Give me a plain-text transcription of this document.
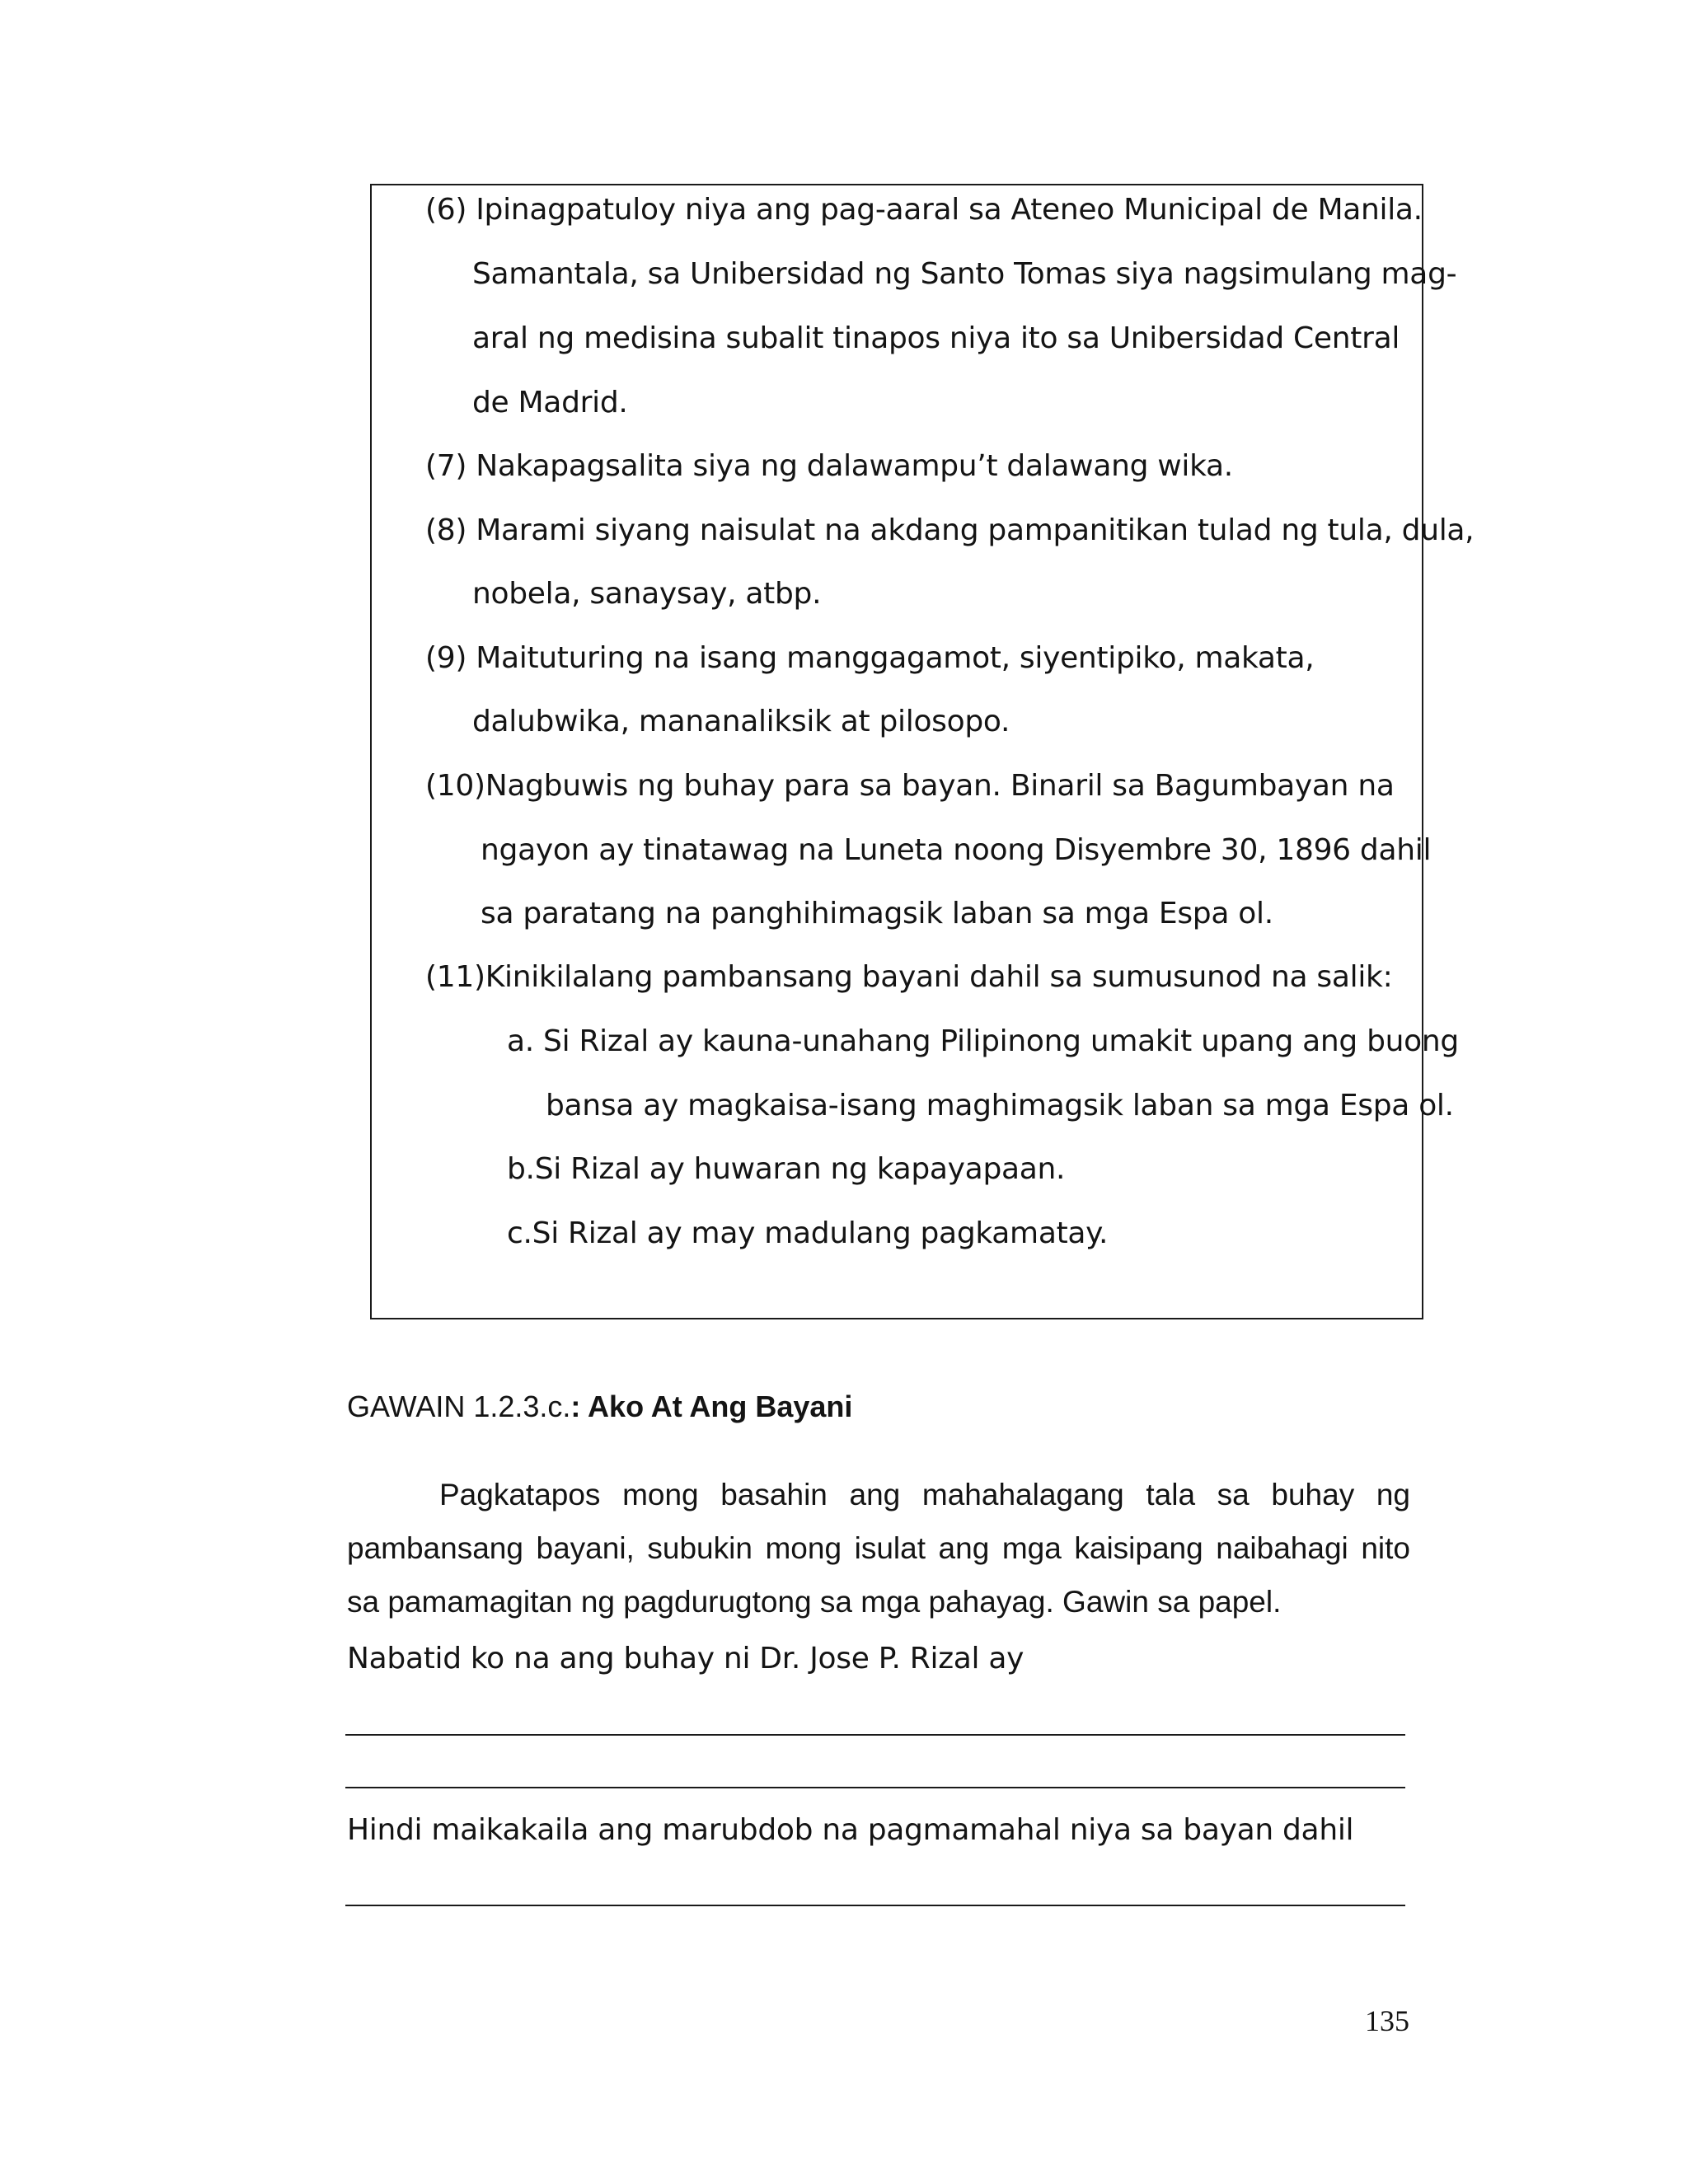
(6) Ipinagpatuloy niya ang pag-aaral sa Ateneo Municipal de Manila.
Samantala, sa Unibersidad ng Santo Tomas siya nagsimulang mag-
aral ng medisina subalit tinapos niya ito sa Unibersidad Central
de Madrid.
(7) Nakapagsalita siya ng dalawampu’t dalawang wika.
(8) Marami siyang naisulat na akdang pampanitikan tulad ng tula, dula,
nobela, sanaysay, atbp.
(9) Maituturing na isang manggagamot, siyentipiko, makata,
dalubwika, mananaliksik at pilosopo.
(10)Nagbuwis ng buhay para sa bayan. Binaril sa Bagumbayan na
ngayon ay tinatawag na Luneta noong Disyembre 30, 1896 dahil
sa paratang na panghihimagsik laban sa mga Espa ol.
(11)Kinikilalang pambansang bayani dahil sa sumusunod na salik:
a. Si Rizal ay kauna-unahang Pilipinong umakit upang ang buong
bansa ay magkaisa-isang maghimagsik laban sa mga Espa ol.
b.Si Rizal ay huwaran ng kapayapaan.
c.Si Rizal ay may madulang pagkamatay.
GAWAIN 1.2.3.c.: Ako At Ang Bayani
Pagkatapos mong basahin ang mahahalagang tala sa buhay ng
pambansang bayani, subukin mong isulat ang mga kaisipang naibahagi nito
sa pamamagitan ng pagdurugtong sa mga pahayag. Gawin sa papel.
Nabatid ko na ang buhay ni Dr. Jose P. Rizal ay
Hindi maikakaila ang marubdob na pagmamahal niya sa bayan dahil
135
